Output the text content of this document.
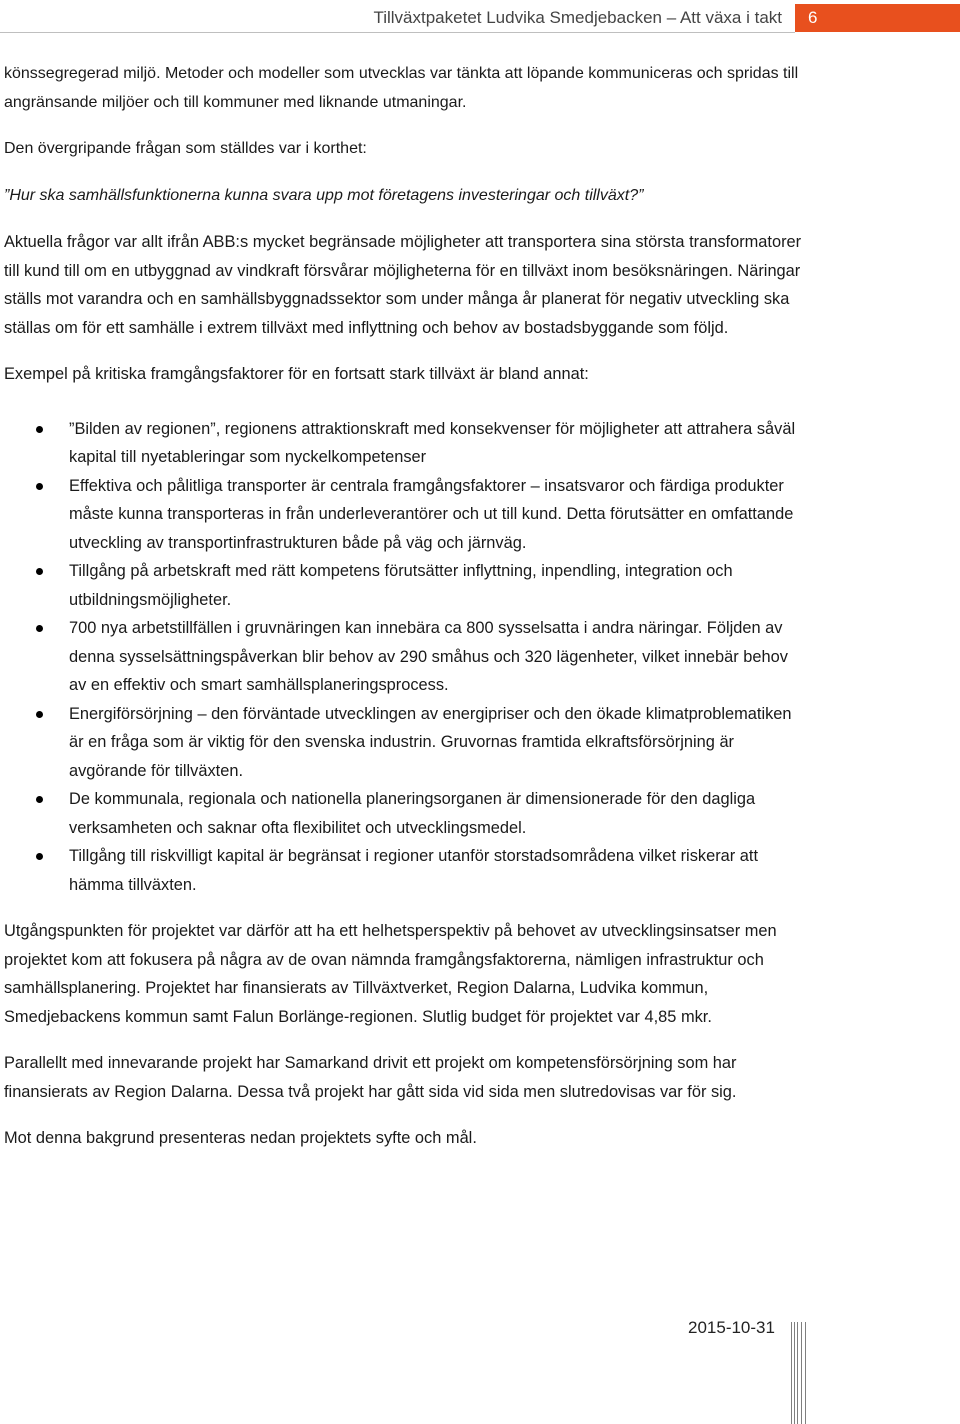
Tillväxtpaketet Ludvika Smedjebacken – Att växa i takt	6

könssegregerad miljö. Metoder och modeller som utvecklas var tänkta att löpande kommuniceras och spridas till angränsande miljöer och till kommuner med liknande utmaningar.

Den övergripande frågan som ställdes var i korthet:

”Hur ska samhällsfunktionerna kunna svara upp mot företagens investeringar och tillväxt?”

Aktuella frågor var allt ifrån ABB:s mycket begränsade möjligheter att transportera sina största transformatorer till kund till om en utbyggnad av vindkraft försvårar möjligheterna för en tillväxt inom besöksnäringen. Näringar ställs mot varandra och en samhällsbyggnadssektor som under många år planerat för negativ utveckling ska ställas om för ett samhälle i extrem tillväxt med inflyttning och behov av bostadsbyggande som följd.

Exempel på kritiska framgångsfaktorer för en fortsatt stark tillväxt är bland annat:

”Bilden av regionen”, regionens attraktionskraft med konsekvenser för möjligheter att attrahera såväl kapital till nyetableringar som nyckelkompetenser
Effektiva och pålitliga transporter är centrala framgångsfaktorer – insatsvaror och färdiga produkter måste kunna transporteras in från underleverantörer och ut till kund. Detta förutsätter en omfattande utveckling av transportinfrastrukturen både på väg och järnväg.
Tillgång på arbetskraft med rätt kompetens förutsätter inflyttning, inpendling, integration och utbildningsmöjligheter.
700 nya arbetstillfällen i gruvnäringen kan innebära ca 800 sysselsatta i andra näringar. Följden av denna sysselsättningspåverkan blir behov av 290 småhus och 320 lägenheter, vilket innebär behov av en effektiv och smart samhällsplaneringsprocess.
Energiförsörjning – den förväntade utvecklingen av energipriser och den ökade klimatproblematiken är en fråga som är viktig för den svenska industrin. Gruvornas framtida elkraftsförsörjning är avgörande för tillväxten.
De kommunala, regionala och nationella planeringsorganen är dimensionerade för den dagliga verksamheten och saknar ofta flexibilitet och utvecklingsmedel.
Tillgång till riskvilligt kapital är begränsat i regioner utanför storstadsområdena vilket riskerar att hämma tillväxten.

Utgångspunkten för projektet var därför att ha ett helhetsperspektiv på behovet av utvecklingsinsatser men projektet kom att fokusera på några av de ovan nämnda framgångsfaktorerna, nämligen infrastruktur och samhällsplanering. Projektet har finansierats av Tillväxtverket, Region Dalarna, Ludvika kommun, Smedjebackens kommun samt Falun Borlänge-regionen. Slutlig budget för projektet var 4,85 mkr.

Parallellt med innevarande projekt har Samarkand drivit ett projekt om kompetensförsörjning som har finansierats av Region Dalarna. Dessa två projekt har gått sida vid sida men slutredovisas var för sig.

Mot denna bakgrund presenteras nedan projektets syfte och mål.

2015-10-31
